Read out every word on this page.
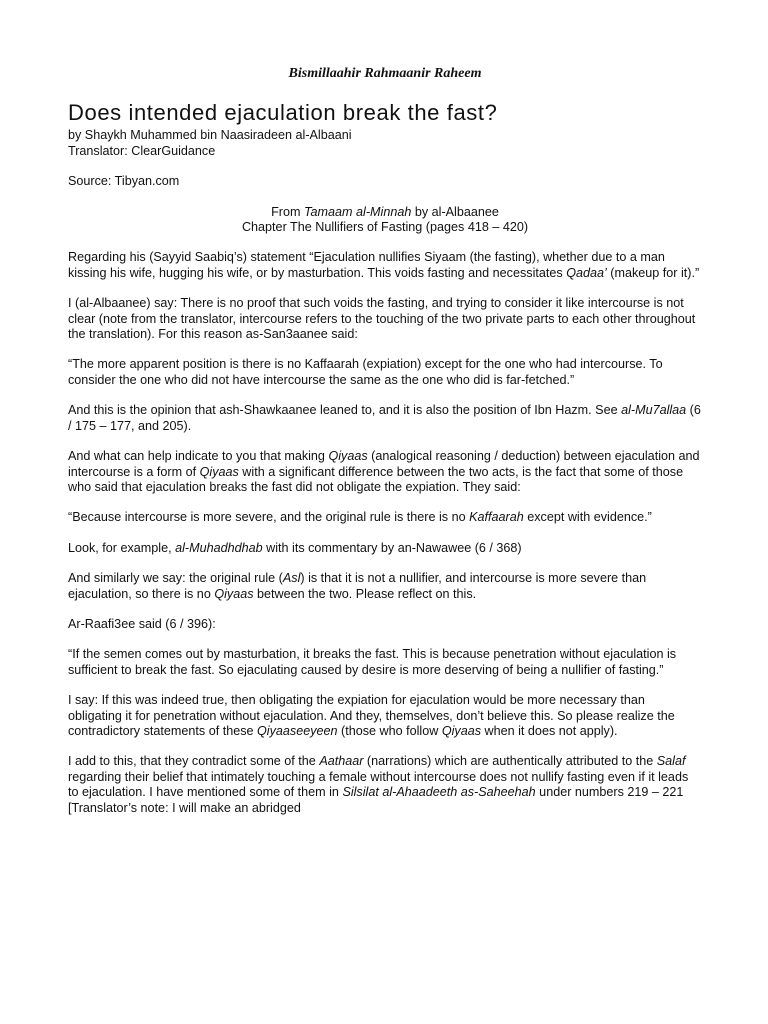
Bismillaahir Rahmaanir Raheem
Does intended ejaculation break the fast?

by Shaykh Muhammed bin Naasiradeen al-Albaani

Translator: ClearGuidance

Source: Tibyan.com

From Tamaam al-Minnah by al-Albaanee

Chapter The Nullifiers of Fasting (pages 418 – 420)

Regarding his (Sayyid Saabiq’s) statement “Ejaculation nullifies Siyaam (the fasting), whether due to a man kissing his wife, hugging his wife, or by masturbation. This voids fasting and necessitates Qadaa’ (makeup for it).”

I (al-Albaanee) say: There is no proof that such voids the fasting, and trying to consider it like intercourse is not clear (note from the translator, intercourse refers to the touching of the two private parts to each other throughout the translation). For this reason as-San3aanee said:

“The more apparent position is there is no Kaffaarah (expiation) except for the one who had intercourse. To consider the one who did not have intercourse the same as the one who did is far-fetched.”

And this is the opinion that ash-Shawkaanee leaned to, and it is also the position of Ibn Hazm. See al-Mu7allaa (6 / 175 – 177, and 205).

And what can help indicate to you that making Qiyaas (analogical reasoning / deduction) between ejaculation and intercourse is a form of Qiyaas with a significant difference between the two acts, is the fact that some of those who said that ejaculation breaks the fast did not obligate the expiation. They said:

“Because intercourse is more severe, and the original rule is there is no Kaffaarah except with evidence.”

Look, for example, al-Muhadhdhab with its commentary by an-Nawawee (6 / 368)

And similarly we say: the original rule (Asl) is that it is not a nullifier, and intercourse is more severe than ejaculation, so there is no Qiyaas between the two. Please reflect on this.

Ar-Raafi3ee said (6 / 396):

“If the semen comes out by masturbation, it breaks the fast. This is because penetration without ejaculation is sufficient to break the fast. So ejaculating caused by desire is more deserving of being a nullifier of fasting.”

I say: If this was indeed true, then obligating the expiation for ejaculation would be more necessary than obligating it for penetration without ejaculation. And they, themselves, don’t believe this. So please realize the contradictory statements of these Qiyaaseeyeen (those who follow Qiyaas when it does not apply).

I add to this, that they contradict some of the Aathaar (narrations) which are authentically attributed to the Salaf regarding their belief that intimately touching a female without intercourse does not nullify fasting even if it leads to ejaculation. I have mentioned some of them in Silsilat al-Ahaadeeth as-Saheehah under numbers 219 – 221 [Translator’s note: I will make an abridged
